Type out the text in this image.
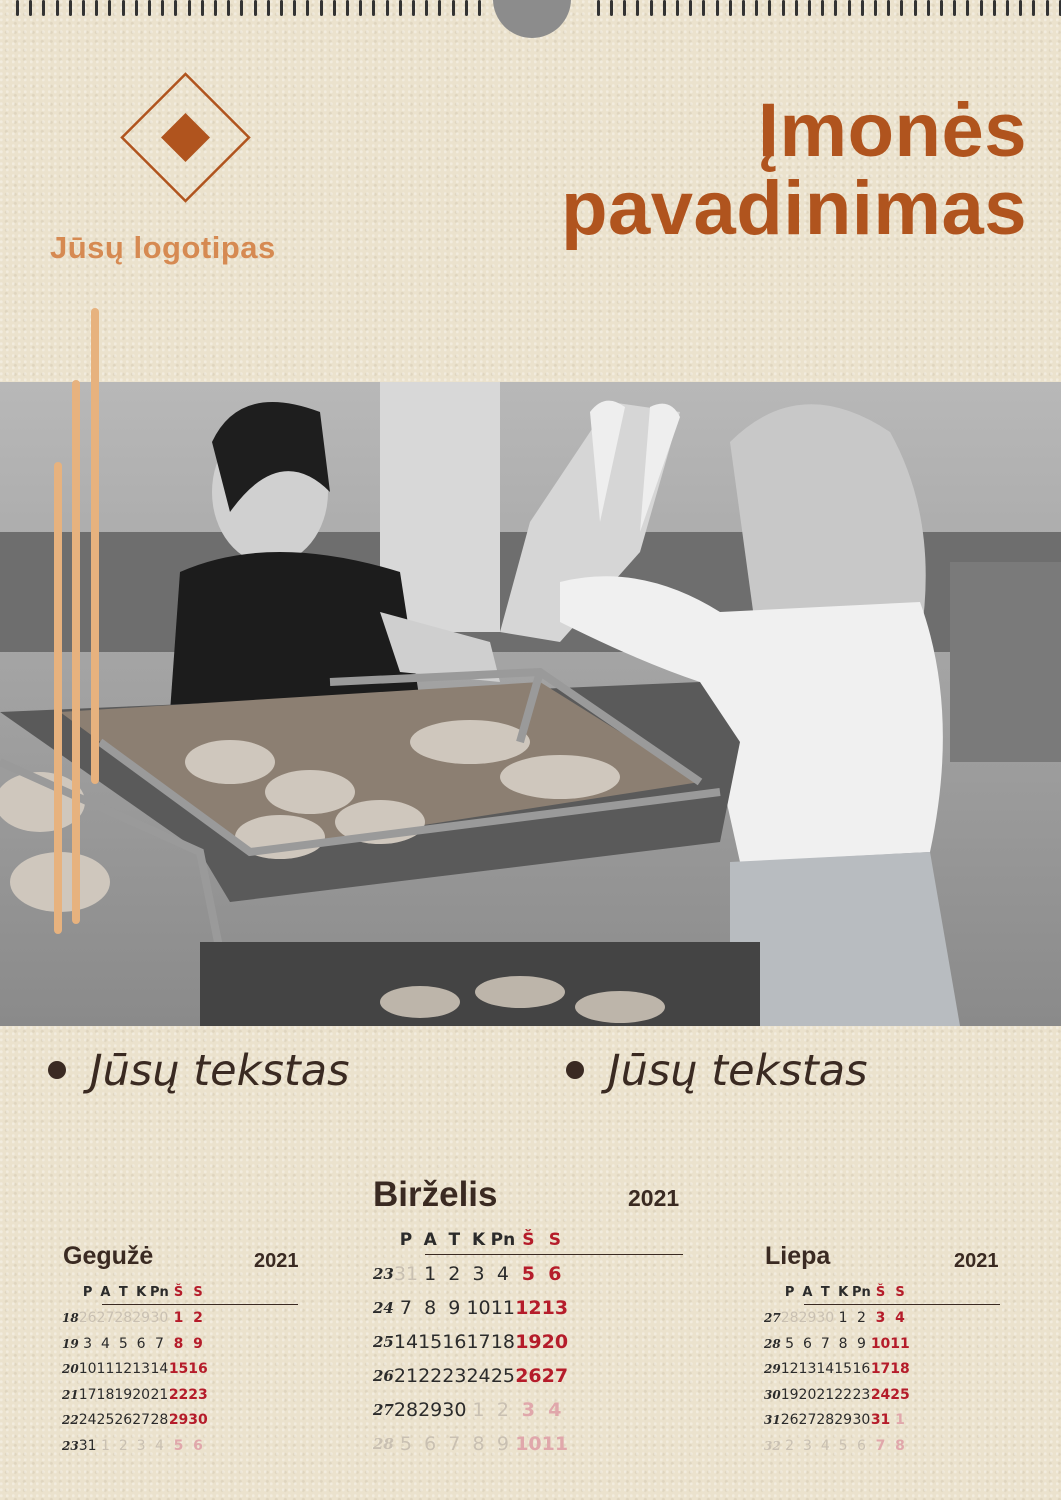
Jūsų logotipas
Įmonės
pavadinimas
Jūsų tekstas	Jūsų tekstas
Gegužė	2021
	P	A	T	K	Pn	Š	S
18	26	27	28	29	30	1	2
19	3	4	5	6	7	8	9
20	10	11	12	13	14	15	16
21	17	18	19	20	21	22	23
22	24	25	26	27	28	29	30
23	31	1	2	3	4	5	6
Birželis	2021
	P	A	T	K	Pn	Š	S
23	31	1	2	3	4	5	6
24	7	8	9	10	11	12	13
25	14	15	16	17	18	19	20
26	21	22	23	24	25	26	27
27	28	29	30	1	2	3	4
28	5	6	7	8	9	10	11
Liepa	2021
	P	A	T	K	Pn	Š	S
27	28	29	30	1	2	3	4
28	5	6	7	8	9	10	11
29	12	13	14	15	16	17	18
30	19	20	21	22	23	24	25
31	26	27	28	29	30	31	1
32	2	3	4	5	6	7	8
